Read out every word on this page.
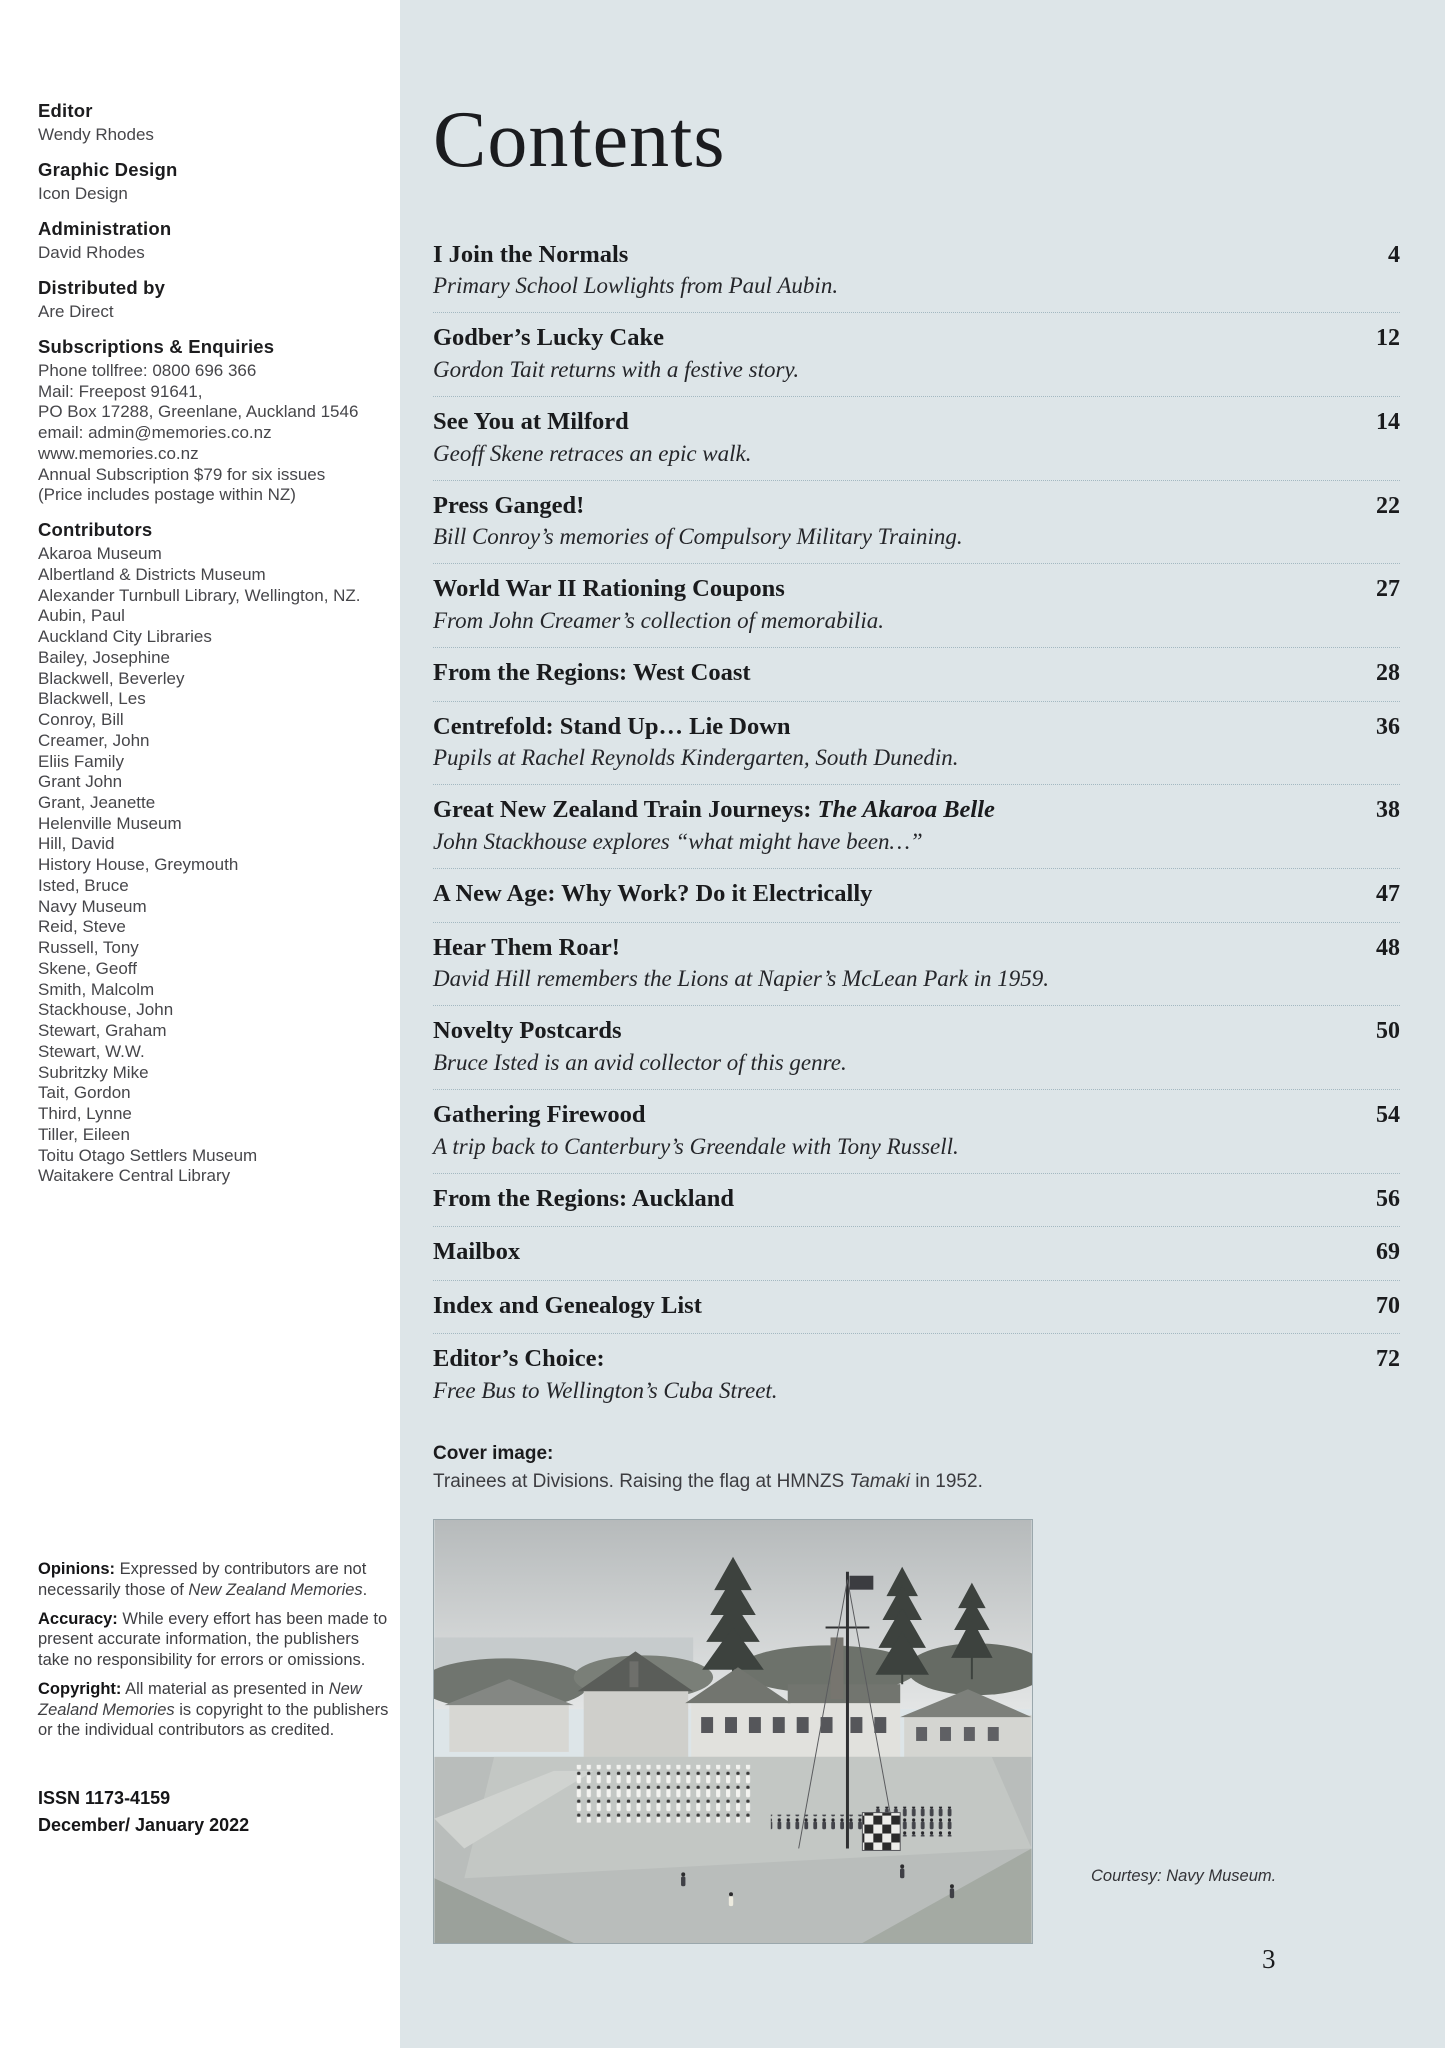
Editor
Wendy Rhodes
Graphic Design
Icon Design
Administration
David Rhodes
Distributed by
Are Direct
Subscriptions & Enquiries
Phone tollfree: 0800 696 366
Mail: Freepost 91641,
PO Box 17288, Greenlane, Auckland 1546
email: admin@memories.co.nz
www.memories.co.nz
Annual Subscription $79 for six issues
(Price includes postage within NZ)
Contributors
Akaroa Museum
Albertland & Districts Museum
Alexander Turnbull Library, Wellington, NZ.
Aubin, Paul
Auckland City Libraries
Bailey, Josephine
Blackwell, Beverley
Blackwell, Les
Conroy, Bill
Creamer, John
Eliis Family
Grant John
Grant, Jeanette
Helenville Museum
Hill, David
History House, Greymouth
Isted, Bruce
Navy Museum
Reid, Steve
Russell, Tony
Skene, Geoff
Smith, Malcolm
Stackhouse, John
Stewart, Graham
Stewart, W.W.
Subritzky Mike
Tait, Gordon
Third, Lynne
Tiller, Eileen
Toitu Otago Settlers Museum
Waitakere Central Library

Opinions: Expressed by contributors are not necessarily those of New Zealand Memories.

Accuracy: While every effort has been made to present accurate information, the publishers take no responsibility for errors or omissions.

Copyright: All material as presented in New Zealand Memories is copyright to the publishers or the individual contributors as credited.

ISSN 1173-4159
December/ January 2022
Contents
I Join the Normals	4
Primary School Lowlights from Paul Aubin.
Godber’s Lucky Cake	12
Gordon Tait returns with a festive story.
See You at Milford	14
Geoff Skene retraces an epic walk.
Press Ganged!	22
Bill Conroy’s memories of Compulsory Military Training.
World War II Rationing Coupons	27
From John Creamer’s collection of memorabilia.
From the Regions: West Coast	28
Centrefold: Stand Up… Lie Down	36
Pupils at Rachel Reynolds Kindergarten, South Dunedin.
Great New Zealand Train Journeys: The Akaroa Belle	38
John Stackhouse explores “what might have been…”
A New Age: Why Work? Do it Electrically	47
Hear Them Roar!	48
David Hill remembers the Lions at Napier’s McLean Park in 1959.
Novelty Postcards	50
Bruce Isted is an avid collector of this genre.
Gathering Firewood	54
A trip back to Canterbury’s Greendale with Tony Russell.
From the Regions: Auckland	56
Mailbox	69
Index and Genealogy List	70
Editor’s Choice:	72
Free Bus to Wellington’s Cuba Street.
Cover image:
Trainees at Divisions. Raising the flag at HMNZS Tamaki in 1952.
Courtesy: Navy Museum.
3
